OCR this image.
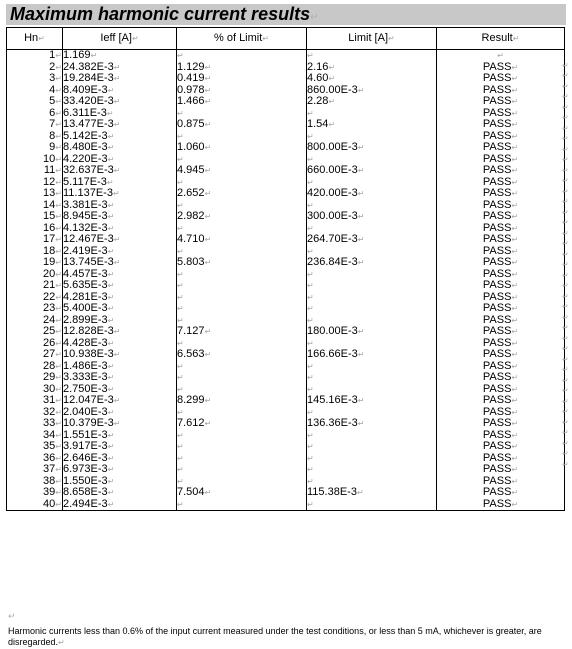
Maximum harmonic current results↵
Hn↵	Ieff [A]↵	% of Limit↵	Limit [A]↵	Result↵
1↵	1.169↵	↵	↵	↵
2↵	24.382E-3↵	1.129↵	2.16↵	PASS↵
3↵	19.284E-3↵	0.419↵	4.60↵	PASS↵
4↵	8.409E-3↵	0.978↵	860.00E-3↵	PASS↵
5↵	33.420E-3↵	1.466↵	2.28↵	PASS↵
6↵	6.311E-3↵	↵	↵	PASS↵
7↵	13.477E-3↵	0.875↵	1.54↵	PASS↵
8↵	5.142E-3↵	↵	↵	PASS↵
9↵	8.480E-3↵	1.060↵	800.00E-3↵	PASS↵
10↵	4.220E-3↵	↵	↵	PASS↵
11↵	32.637E-3↵	4.945↵	660.00E-3↵	PASS↵
12↵	5.117E-3↵	↵	↵	PASS↵
13↵	11.137E-3↵	2.652↵	420.00E-3↵	PASS↵
14↵	3.381E-3↵	↵	↵	PASS↵
15↵	8.945E-3↵	2.982↵	300.00E-3↵	PASS↵
16↵	4.132E-3↵	↵	↵	PASS↵
17↵	12.467E-3↵	4.710↵	264.70E-3↵	PASS↵
18↵	2.419E-3↵	↵	↵	PASS↵
19↵	13.745E-3↵	5.803↵	236.84E-3↵	PASS↵
20↵	4.457E-3↵	↵	↵	PASS↵
21↵	5.635E-3↵	↵	↵	PASS↵
22↵	4.281E-3↵	↵	↵	PASS↵
23↵	5.400E-3↵	↵	↵	PASS↵
24↵	2.899E-3↵	↵	↵	PASS↵
25↵	12.828E-3↵	7.127↵	180.00E-3↵	PASS↵
26↵	4.428E-3↵	↵	↵	PASS↵
27↵	10.938E-3↵	6.563↵	166.66E-3↵	PASS↵
28↵	1.486E-3↵	↵	↵	PASS↵
29↵	3.333E-3↵	↵	↵	PASS↵
30↵	2.750E-3↵	↵	↵	PASS↵
31↵	12.047E-3↵	8.299↵	145.16E-3↵	PASS↵
32↵	2.040E-3↵	↵	↵	PASS↵
33↵	10.379E-3↵	7.612↵	136.36E-3↵	PASS↵
34↵	1.551E-3↵	↵	↵	PASS↵
35↵	3.917E-3↵	↵	↵	PASS↵
36↵	2.646E-3↵	↵	↵	PASS↵
37↵	6.973E-3↵	↵	↵	PASS↵
38↵	1.550E-3↵	↵	↵	PASS↵
39↵	8.658E-3↵	7.504↵	115.38E-3↵	PASS↵
40↵	2.494E-3↵	↵	↵	PASS↵
↵
↵
↵
↵
↵
↵
↵
↵
↵
↵
↵
↵
↵
↵
↵
↵
↵
↵
↵
↵
↵
↵
↵
↵
↵
↵
↵
↵
↵
↵
↵
↵
↵
↵
↵
↵
↵
↵
↵
↵
Harmonic currents less than 0.6% of the input current measured under the test conditions, or less than 5 mA, whichever is greater, are disregarded.↵
